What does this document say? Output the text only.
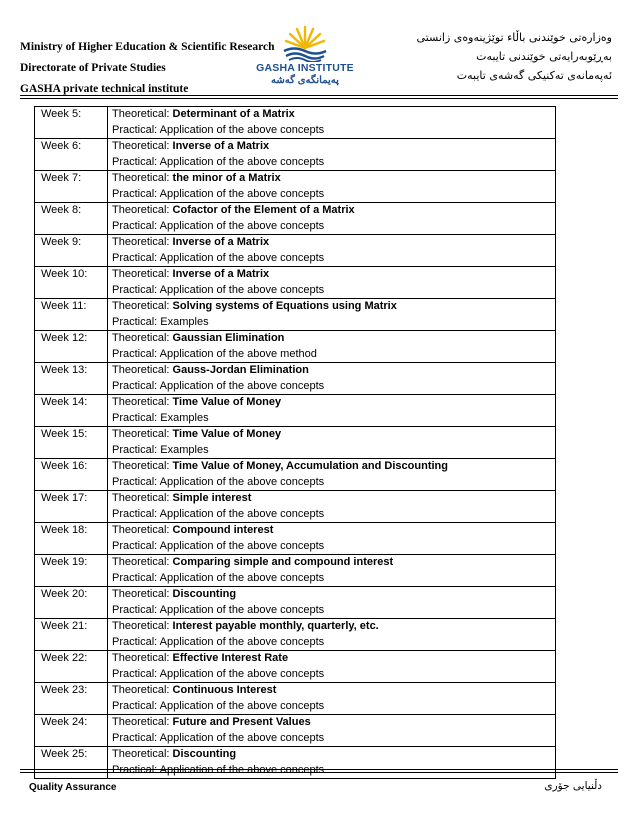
Ministry of Higher Education & Scientific Research
Directorate of Private Studies
GASHA private technical institute
GASHA INSTITUTE
پەیمانگەی گەشە
وەزارەتی خوێندنی باڵاء توێژینەوەی زانستی
بەڕێوبەرایەتی خوێندنی تایبەت
ئەپەمانەی تەکنیکی گەشەی تایبەت
Week 5:	Theoretical: Determinant of a Matrix
Practical: Application of the above concepts

Week 6:	Theoretical: Inverse of a Matrix
Practical: Application of the above concepts

Week 7:	Theoretical: the minor of a Matrix
Practical: Application of the above concepts

Week 8:	Theoretical: Cofactor of the Element of a Matrix
Practical: Application of the above concepts

Week 9:	Theoretical: Inverse of a Matrix
Practical: Application of the above concepts

Week 10:	Theoretical: Inverse of a Matrix
Practical: Application of the above concepts

Week 11:	Theoretical: Solving systems of Equations using Matrix
Practical: Examples

Week 12:	Theoretical: Gaussian Elimination
Practical: Application of the above method

Week 13:	Theoretical: Gauss-Jordan Elimination
Practical: Application of the above concepts

Week 14:	Theoretical: Time Value of Money
Practical: Examples

Week 15:	Theoretical: Time Value of Money
Practical: Examples

Week 16:	Theoretical: Time Value of Money, Accumulation and Discounting
Practical: Application of the above concepts

Week 17:	Theoretical: Simple interest
Practical: Application of the above concepts

Week 18:	Theoretical: Compound interest
Practical: Application of the above concepts

Week 19:	Theoretical: Comparing simple and compound interest
Practical: Application of the above concepts

Week 20:	Theoretical: Discounting
Practical: Application of the above concepts

Week 21:	Theoretical: Interest payable monthly, quarterly, etc.
Practical: Application of the above concepts

Week 22:	Theoretical: Effective Interest Rate
Practical: Application of the above concepts

Week 23:	Theoretical: Continuous Interest
Practical: Application of the above concepts

Week 24:	Theoretical: Future and Present Values
Practical: Application of the above concepts

Week 25:	Theoretical: Discounting
Practical: Application of the above concepts
Quality Assurance	دڵنیایی جۆری
